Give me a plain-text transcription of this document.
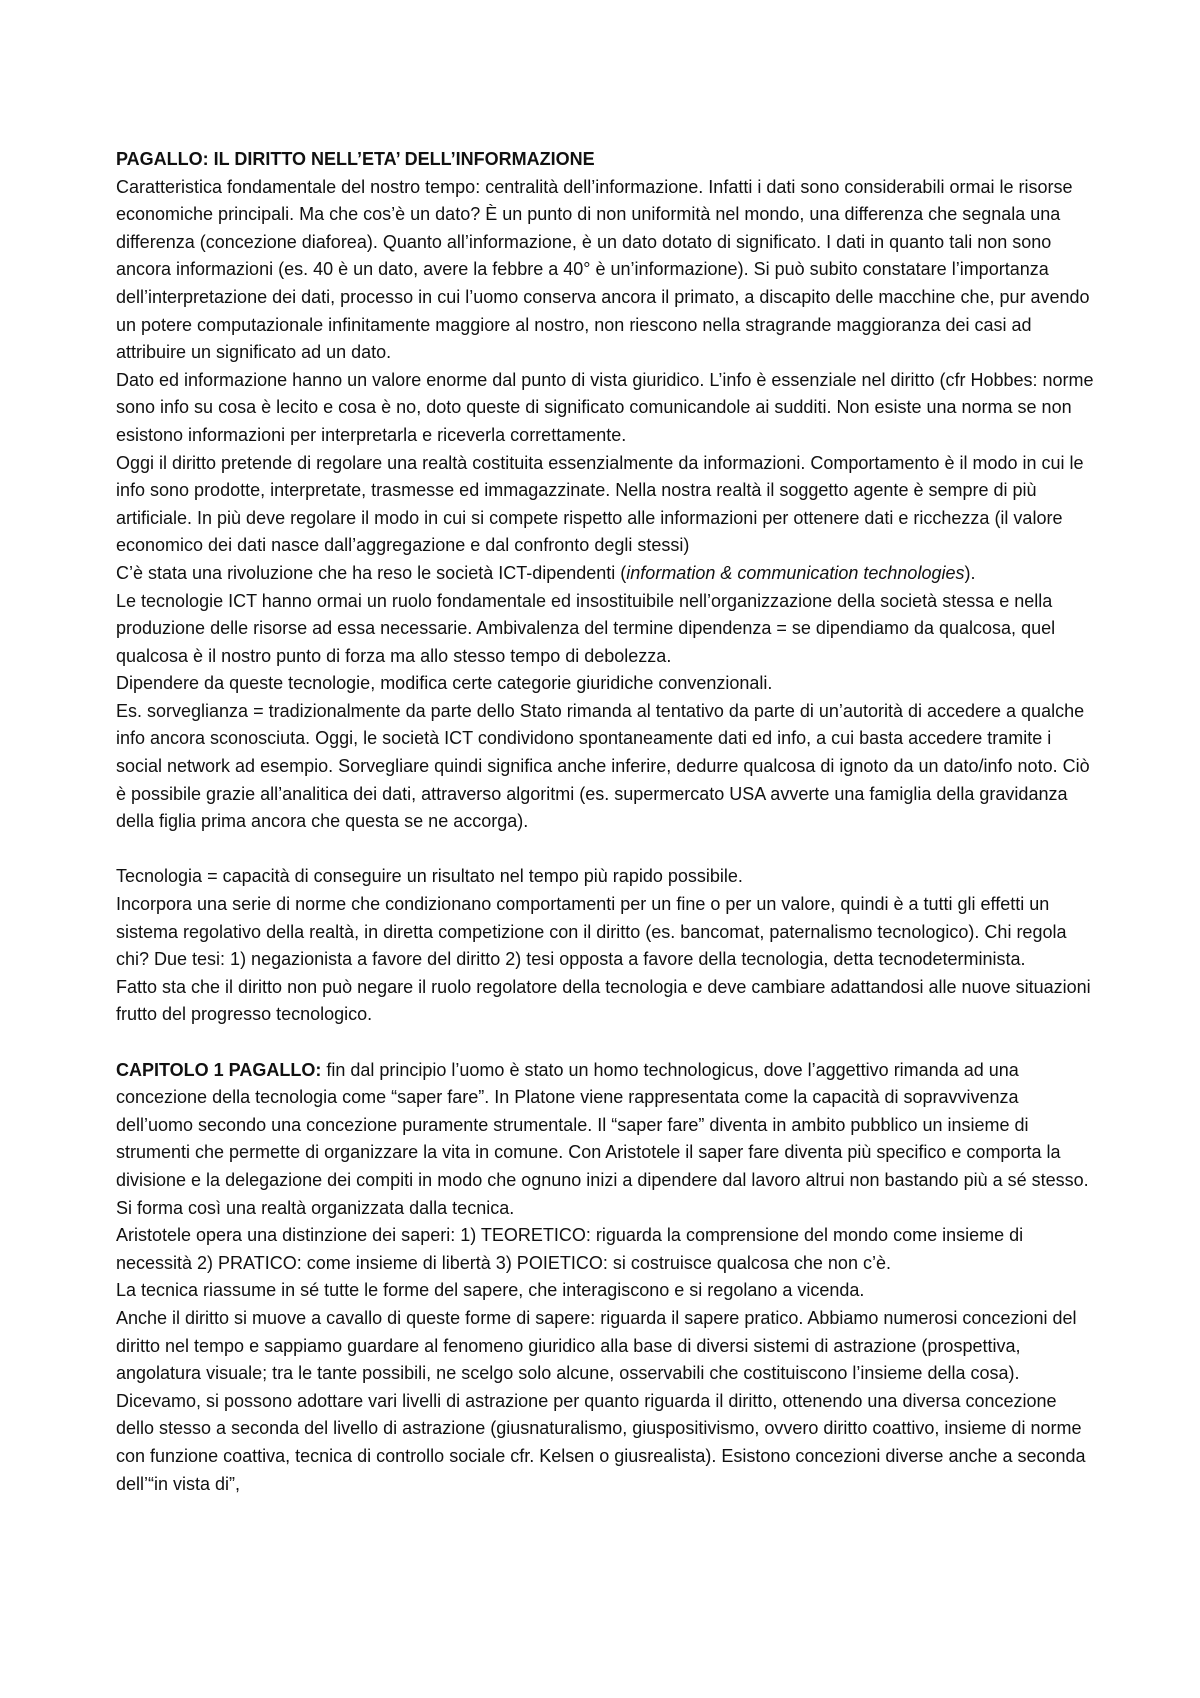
PAGALLO: IL DIRITTO NELL’ETA’ DELL’INFORMAZIONE

Caratteristica fondamentale del nostro tempo: centralità dell’informazione. Infatti i dati sono considerabili ormai le risorse economiche principali. Ma che cos’è un dato? È un punto di non uniformità nel mondo, una differenza che segnala una differenza (concezione diaforea). Quanto all’informazione, è un dato dotato di significato. I dati in quanto tali non sono ancora informazioni (es. 40 è un dato, avere la febbre a 40° è un’informazione). Si può subito constatare l’importanza dell’interpretazione dei dati, processo in cui l’uomo conserva ancora il primato, a discapito delle macchine che, pur avendo un potere computazionale infinitamente maggiore al nostro, non riescono nella stragrande maggioranza dei casi ad attribuire un significato ad un dato.

Dato ed informazione hanno un valore enorme dal punto di vista giuridico. L’info è essenziale nel diritto (cfr Hobbes: norme sono info su cosa è lecito e cosa è no, doto queste di significato comunicandole ai sudditi. Non esiste una norma se non esistono informazioni per interpretarla e riceverla correttamente.

Oggi il diritto pretende di regolare una realtà costituita essenzialmente da informazioni. Comportamento è il modo in cui le info sono prodotte, interpretate, trasmesse ed immagazzinate. Nella nostra realtà il soggetto agente è sempre di più artificiale. In più deve regolare il modo in cui si compete rispetto alle informazioni per ottenere dati e ricchezza (il valore economico dei dati nasce dall’aggregazione e dal confronto degli stessi)

C’è stata una rivoluzione che ha reso le società ICT-dipendenti (information & communication technologies).

Le tecnologie ICT hanno ormai un ruolo fondamentale ed insostituibile nell’organizzazione della società stessa e nella produzione delle risorse ad essa necessarie. Ambivalenza del termine dipendenza = se dipendiamo da qualcosa, quel qualcosa è il nostro punto di forza ma allo stesso tempo di debolezza.

Dipendere da queste tecnologie, modifica certe categorie giuridiche convenzionali.

Es. sorveglianza = tradizionalmente da parte dello Stato rimanda al tentativo da parte di un’autorità di accedere a qualche info ancora sconosciuta. Oggi, le società ICT condividono spontaneamente dati ed info, a cui basta accedere tramite i social network ad esempio. Sorvegliare quindi significa anche inferire, dedurre qualcosa di ignoto da un dato/info noto. Ciò è possibile grazie all’analitica dei dati, attraverso algoritmi (es. supermercato USA avverte una famiglia della gravidanza della figlia prima ancora che questa se ne accorga).

Tecnologia = capacità di conseguire un risultato nel tempo più rapido possibile.

Incorpora una serie di norme che condizionano comportamenti per un fine o per un valore, quindi è a tutti gli effetti un sistema regolativo della realtà, in diretta competizione con il diritto (es. bancomat, paternalismo tecnologico). Chi regola chi? Due tesi: 1) negazionista a favore del diritto 2) tesi opposta a favore della tecnologia, detta tecnodeterminista.

Fatto sta che il diritto non può negare il ruolo regolatore della tecnologia e deve cambiare adattandosi alle nuove situazioni frutto del progresso tecnologico.

CAPITOLO 1 PAGALLO: fin dal principio l’uomo è stato un homo technologicus, dove l’aggettivo rimanda ad una concezione della tecnologia come “saper fare”. In Platone viene rappresentata come la capacità di sopravvivenza dell’uomo secondo una concezione puramente strumentale. Il “saper fare” diventa in ambito pubblico un insieme di strumenti che permette di organizzare la vita in comune. Con Aristotele il saper fare diventa più specifico e comporta la divisione e la delegazione dei compiti in modo che ognuno inizi a dipendere dal lavoro altrui non bastando più a sé stesso. Si forma così una realtà organizzata dalla tecnica.

Aristotele opera una distinzione dei saperi: 1) TEORETICO: riguarda la comprensione del mondo come insieme di necessità 2) PRATICO: come insieme di libertà 3) POIETICO: si costruisce qualcosa che non c’è.

La tecnica riassume in sé tutte le forme del sapere, che interagiscono e si regolano a vicenda.

Anche il diritto si muove a cavallo di queste forme di sapere: riguarda il sapere pratico. Abbiamo numerosi concezioni del diritto nel tempo e sappiamo guardare al fenomeno giuridico alla base di diversi sistemi di astrazione (prospettiva, angolatura visuale; tra le tante possibili, ne scelgo solo alcune, osservabili che costituiscono l’insieme della cosa). Dicevamo, si possono adottare vari livelli di astrazione per quanto riguarda il diritto, ottenendo una diversa concezione dello stesso a seconda del livello di astrazione (giusnaturalismo, giuspositivismo, ovvero diritto coattivo, insieme di norme con funzione coattiva, tecnica di controllo sociale cfr. Kelsen o giusrealista). Esistono concezioni diverse anche a seconda dell’“in vista di”,
